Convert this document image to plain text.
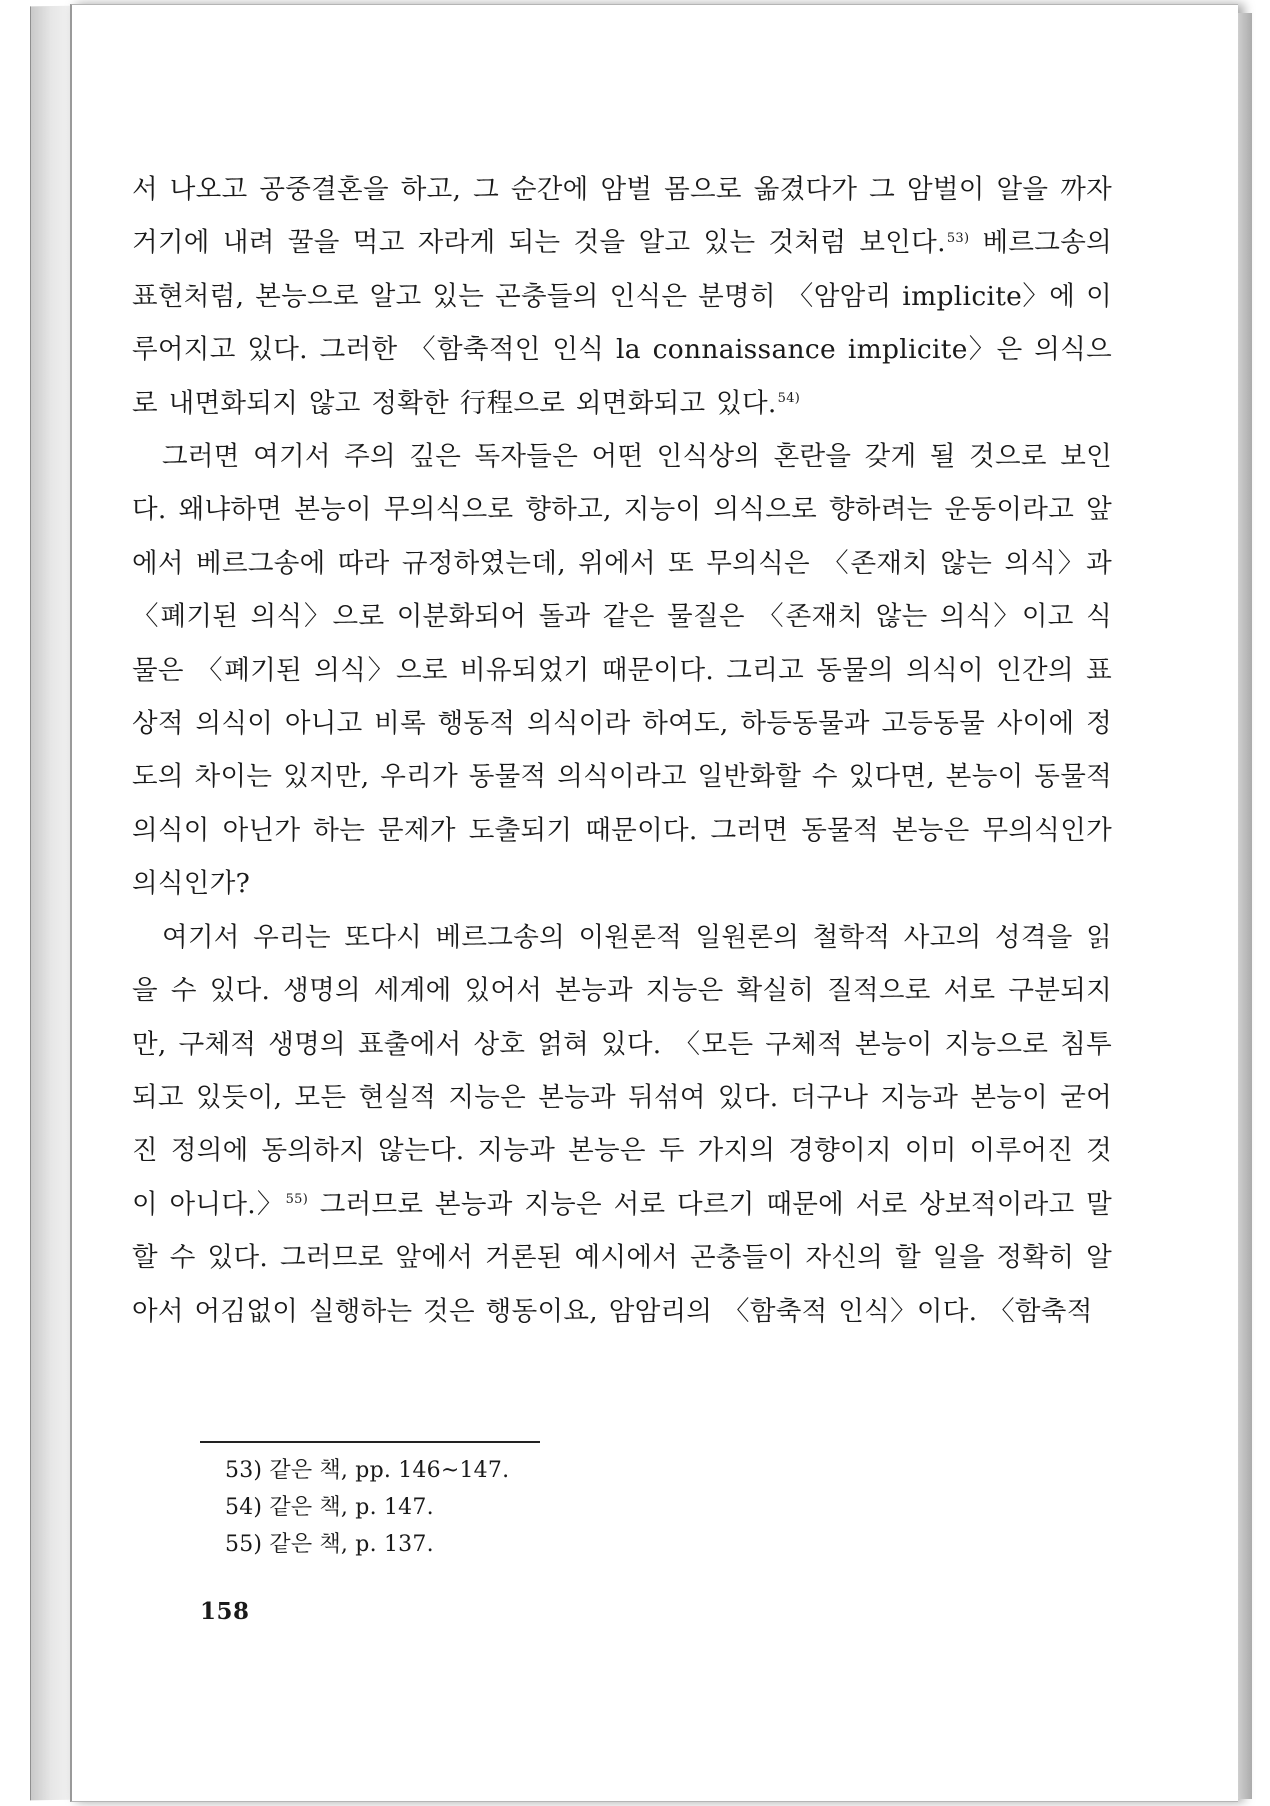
서 나오고 공중결혼을 하고, 그 순간에 암벌 몸으로 옮겼다가 그 암벌이 알을 까자 거기에 내려 꿀을 먹고 자라게 되는 것을 알고 있는 것처럼 보인다.$^{53)}$ 베르그송의 표현처럼, 본능으로 알고 있는 곤충들의 인식은 분명히 〈암암리 implicite〉에 이루어지고 있다. 그러한 〈함축적인 인식 la connaissance implicite〉은 의식으로 내면화되지 않고 정확한 行程으로 외면화되고 있다.$^{54)}$

그러면 여기서 주의 깊은 독자들은 어떤 인식상의 혼란을 갖게 될 것으로 보인다. 왜냐하면 본능이 무의식으로 향하고, 지능이 의식으로 향하려는 운동이라고 앞에서 베르그송에 따라 규정하였는데, 위에서 또 무의식은 〈존재치 않는 의식〉과 〈폐기된 의식〉으로 이분화되어 돌과 같은 물질은 〈존재치 않는 의식〉이고 식물은 〈폐기된 의식〉으로 비유되었기 때문이다. 그리고 동물의 의식이 인간의 표상적 의식이 아니고 비록 행동적 의식이라 하여도, 하등동물과 고등동물 사이에 정도의 차이는 있지만, 우리가 동물적 의식이라고 일반화할 수 있다면, 본능이 동물적 의식이 아닌가 하는 문제가 도출되기 때문이다. 그러면 동물적 본능은 무의식인가 의식인가?

여기서 우리는 또다시 베르그송의 이원론적 일원론의 철학적 사고의 성격을 읽을 수 있다. 생명의 세계에 있어서 본능과 지능은 확실히 질적으로 서로 구분되지만, 구체적 생명의 표출에서 상호 얽혀 있다. 〈모든 구체적 본능이 지능으로 침투되고 있듯이, 모든 현실적 지능은 본능과 뒤섞여 있다. 더구나 지능과 본능이 굳어진 정의에 동의하지 않는다. 지능과 본능은 두 가지의 경향이지 이미 이루어진 것이 아니다.〉$^{55)}$ 그러므로 본능과 지능은 서로 다르기 때문에 서로 상보적이라고 말할 수 있다. 그러므로 앞에서 거론된 예시에서 곤충들이 자신의 할 일을 정확히 알아서 어김없이 실행하는 것은 행동이요, 암암리의 〈함축적 인식〉이다. 〈함축적

53) 같은 책, pp. 146~147.

54) 같은 책, p. 147.

55) 같은 책, p. 137.

158
